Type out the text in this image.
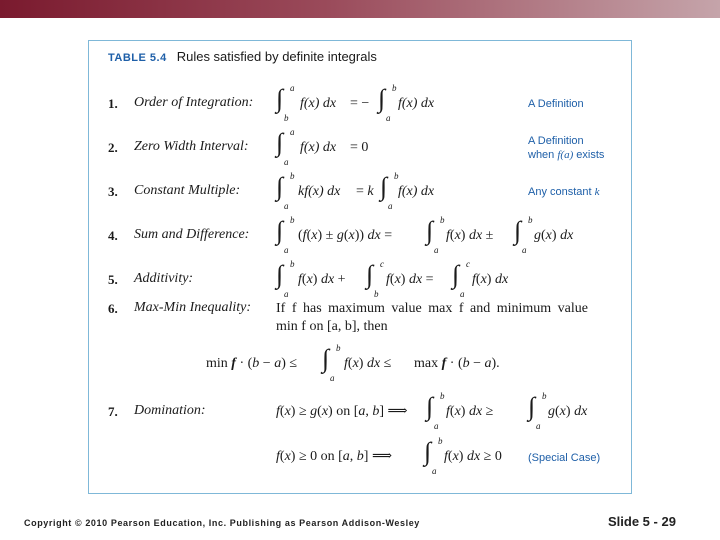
TABLE 5.4 Rules satisfied by definite integrals
1. Order of Integration: ∫ a
b
f(x) dx = − ∫ b
a
f(x) dx	A Definition
2. Zero Width Interval: ∫ a
a
f(x) dx = 0	A Definition
when f(a) exists
3. Constant Multiple: ∫ b
a
kf(x) dx = k ∫ b
a
f(x) dx	Any constant k
4. Sum and Difference: ∫ b
a
(f(x) ± g(x)) dx = ∫ b
a
f(x) dx ± ∫ b
a
g(x) dx
5. Additivity:	∫ b
a
f(x) dx + ∫ c
b
f(x) dx = ∫ c
a
f(x) dx
6. Max-Min Inequality: If f has maximum value max f and minimum value
min f on [a, b], then
min f · (b − a) ≤ ∫ b
a
f(x) dx ≤ max f · (b − a).
7. Domination:	f(x) ≥ g(x) on [a, b] ⟹ ∫ b
a
f(x) dx ≥ ∫ b
a
g(x) dx
f(x) ≥ 0 on [a, b] ⟹ ∫ b
a
f(x) dx ≥ 0 (Special Case)
Copyright © 2010 Pearson Education, Inc. Publishing as Pearson Addison-Wesley	Slide 5 - 29
